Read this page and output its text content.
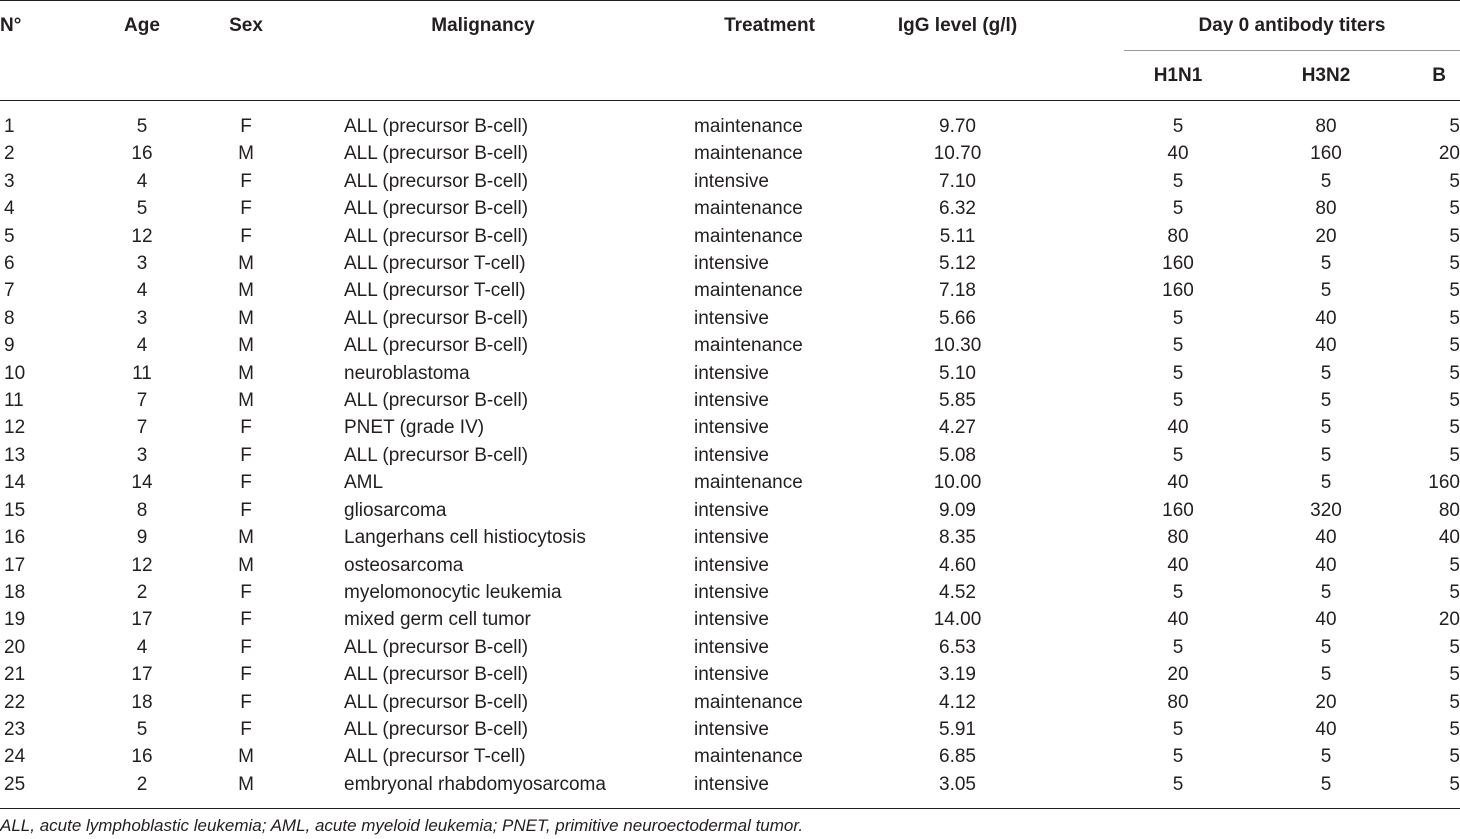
N°	Age	Sex	Malignancy	Treatment	IgG level (g/l)	Day 0 antibody titers		
						H1N1	H3N2	B
1	5	F	ALL (precursor B-cell)	maintenance	9.70	5	80	5
2	16	M	ALL (precursor B-cell)	maintenance	10.70	40	160	20
3	4	F	ALL (precursor B-cell)	intensive	7.10	5	5	5
4	5	F	ALL (precursor B-cell)	maintenance	6.32	5	80	5
5	12	F	ALL (precursor B-cell)	maintenance	5.11	80	20	5
6	3	M	ALL (precursor T-cell)	intensive	5.12	160	5	5
7	4	M	ALL (precursor T-cell)	maintenance	7.18	160	5	5
8	3	M	ALL (precursor B-cell)	intensive	5.66	5	40	5
9	4	M	ALL (precursor B-cell)	maintenance	10.30	5	40	5
10	11	M	neuroblastoma	intensive	5.10	5	5	5
11	7	M	ALL (precursor B-cell)	intensive	5.85	5	5	5
12	7	F	PNET (grade IV)	intensive	4.27	40	5	5
13	3	F	ALL (precursor B-cell)	intensive	5.08	5	5	5
14	14	F	AML	maintenance	10.00	40	5	160
15	8	F	gliosarcoma	intensive	9.09	160	320	80
16	9	M	Langerhans cell histiocytosis	intensive	8.35	80	40	40
17	12	M	osteosarcoma	intensive	4.60	40	40	5
18	2	F	myelomonocytic leukemia	intensive	4.52	5	5	5
19	17	F	mixed germ cell tumor	intensive	14.00	40	40	20
20	4	F	ALL (precursor B-cell)	intensive	6.53	5	5	5
21	17	F	ALL (precursor B-cell)	intensive	3.19	20	5	5
22	18	F	ALL (precursor B-cell)	maintenance	4.12	80	20	5
23	5	F	ALL (precursor B-cell)	intensive	5.91	5	40	5
24	16	M	ALL (precursor T-cell)	maintenance	6.85	5	5	5
25	2	M	embryonal rhabdomyosarcoma	intensive	3.05	5	5	5
ALL, acute lymphoblastic leukemia; AML, acute myeloid leukemia; PNET, primitive neuroectodermal tumor.
